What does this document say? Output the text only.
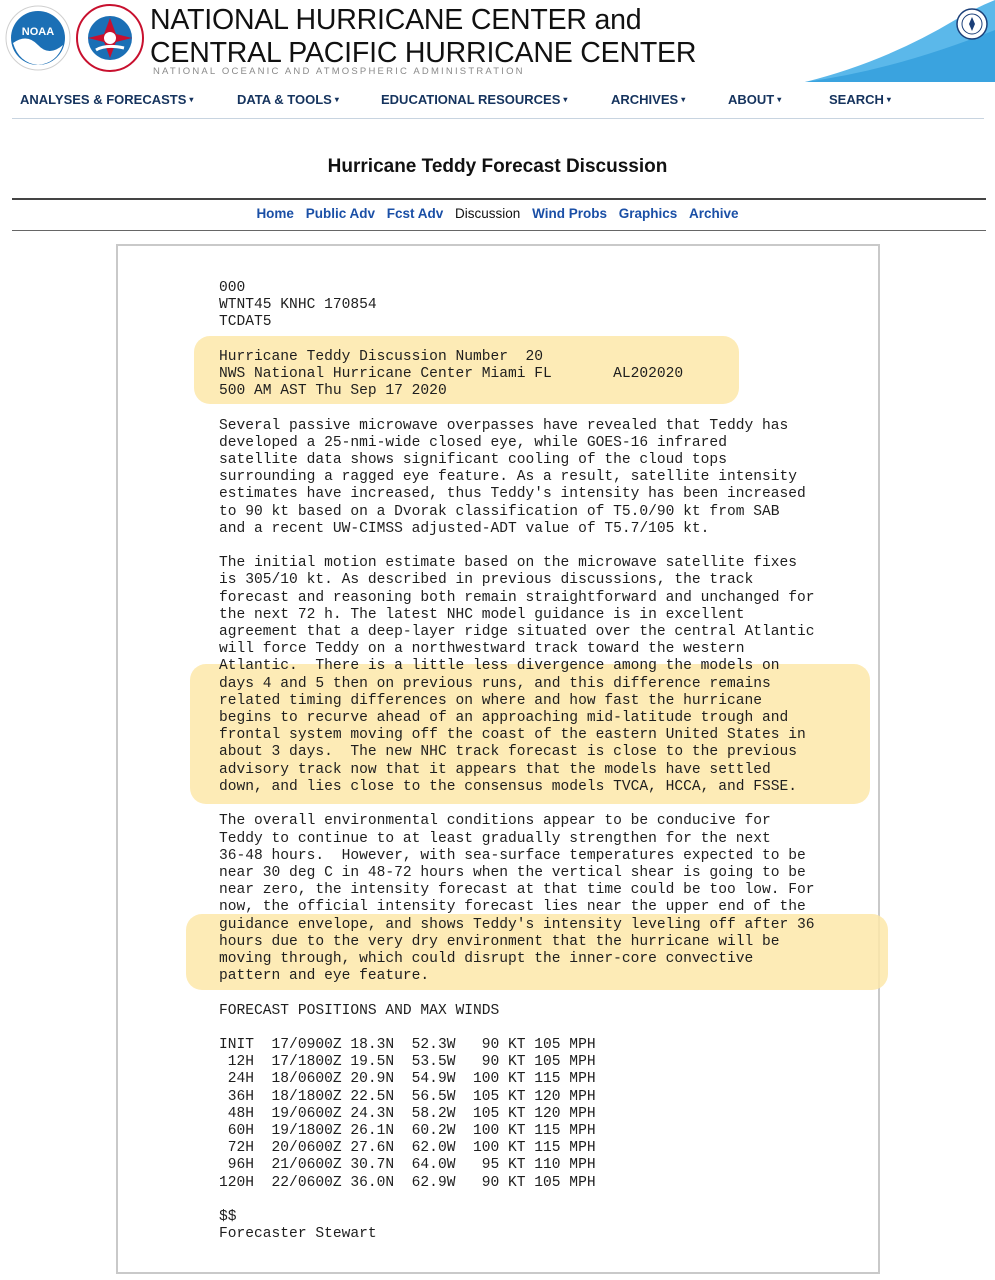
NOAA	NATIONAL HURRICANE CENTER and
CENTRAL PACIFIC HURRICANE CENTER
NATIONAL OCEANIC AND ATMOSPHERIC ADMINISTRATION
ANALYSES & FORECASTS ▾	DATA & TOOLS ▾	EDUCATIONAL RESOURCES ▾	ARCHIVES ▾	ABOUT ▾	SEARCH ▾
Hurricane Teddy Forecast Discussion
Home Public Adv Fcst Adv Discussion Wind Probs Graphics Archive
000
WTNT45 KNHC 170854
TCDAT5

Hurricane Teddy Discussion Number  20
NWS National Hurricane Center Miami FL       AL202020
500 AM AST Thu Sep 17 2020

Several passive microwave overpasses have revealed that Teddy has
developed a 25-nmi-wide closed eye, while GOES-16 infrared
satellite data shows significant cooling of the cloud tops
surrounding a ragged eye feature. As a result, satellite intensity
estimates have increased, thus Teddy's intensity has been increased
to 90 kt based on a Dvorak classification of T5.0/90 kt from SAB
and a recent UW-CIMSS adjusted-ADT value of T5.7/105 kt.

The initial motion estimate based on the microwave satellite fixes
is 305/10 kt. As described in previous discussions, the track
forecast and reasoning both remain straightforward and unchanged for
the next 72 h. The latest NHC model guidance is in excellent
agreement that a deep-layer ridge situated over the central Atlantic
will force Teddy on a northwestward track toward the western
Atlantic.  There is a little less divergence among the models on
days 4 and 5 then on previous runs, and this difference remains
related timing differences on where and how fast the hurricane
begins to recurve ahead of an approaching mid-latitude trough and
frontal system moving off the coast of the eastern United States in
about 3 days.  The new NHC track forecast is close to the previous
advisory track now that it appears that the models have settled
down, and lies close to the consensus models TVCA, HCCA, and FSSE.

The overall environmental conditions appear to be conducive for
Teddy to continue to at least gradually strengthen for the next
36-48 hours.  However, with sea-surface temperatures expected to be
near 30 deg C in 48-72 hours when the vertical shear is going to be
near zero, the intensity forecast at that time could be too low. For
now, the official intensity forecast lies near the upper end of the
guidance envelope, and shows Teddy's intensity leveling off after 36
hours due to the very dry environment that the hurricane will be
moving through, which could disrupt the inner-core convective
pattern and eye feature.

FORECAST POSITIONS AND MAX WINDS

INIT  17/0900Z 18.3N  52.3W   90 KT 105 MPH
12H  17/1800Z 19.5N  53.5W   90 KT 105 MPH
24H  18/0600Z 20.9N  54.9W  100 KT 115 MPH
36H  18/1800Z 22.5N  56.5W  105 KT 120 MPH
48H  19/0600Z 24.3N  58.2W  105 KT 120 MPH
60H  19/1800Z 26.1N  60.2W  100 KT 115 MPH
72H  20/0600Z 27.6N  62.0W  100 KT 115 MPH
96H  21/0600Z 30.7N  64.0W   95 KT 110 MPH
120H  22/0600Z 36.0N  62.9W   90 KT 105 MPH

$$
Forecaster Stewart
